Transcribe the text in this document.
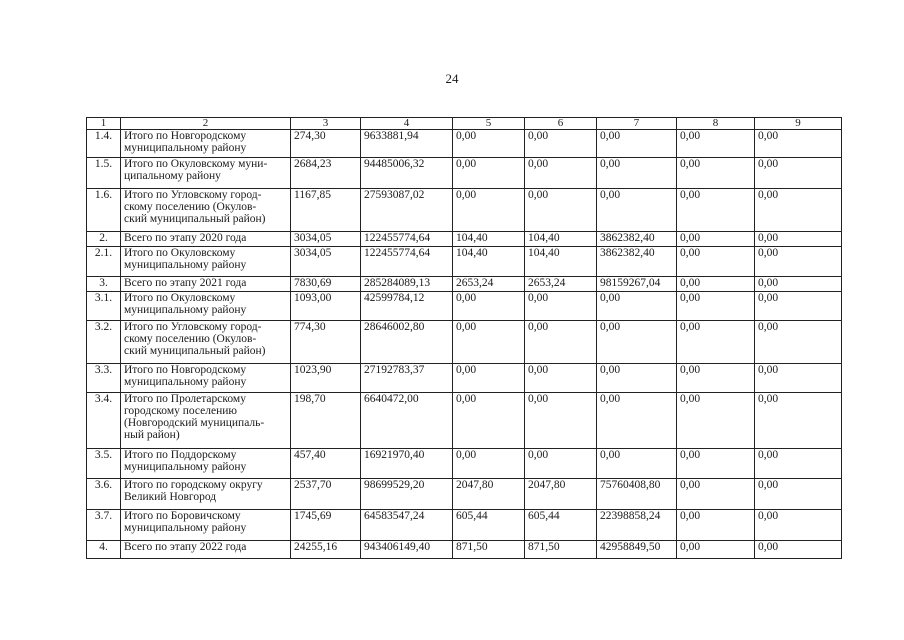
24
1	2	3	4	5	6	7	8	9
1.4.	Итого по Новгородскому
муниципальному району	274,30	9633881,94	0,00	0,00	0,00	0,00	0,00
1.5.	Итого по Окуловскому муни-
ципальному району	2684,23	94485006,32	0,00	0,00	0,00	0,00	0,00
1.6.	Итого по Угловскому город-
скому поселению (Окулов-
ский муниципальный район)	1167,85	27593087,02	0,00	0,00	0,00	0,00	0,00
2.	Всего по этапу 2020 года	3034,05	122455774,64	104,40	104,40	3862382,40	0,00	0,00
2.1.	Итого по Окуловскому
муниципальному району	3034,05	122455774,64	104,40	104,40	3862382,40	0,00	0,00
3.	Всего по этапу 2021 года	7830,69	285284089,13	2653,24	2653,24	98159267,04	0,00	0,00
3.1.	Итого по Окуловскому
муниципальному району	1093,00	42599784,12	0,00	0,00	0,00	0,00	0,00
3.2.	Итого по Угловскому город-
скому поселению (Окулов-
ский муниципальный район)	774,30	28646002,80	0,00	0,00	0,00	0,00	0,00
3.3.	Итого по Новгородскому
муниципальному району	1023,90	27192783,37	0,00	0,00	0,00	0,00	0,00
3.4.	Итого по Пролетарскому
городскому поселению
(Новгородский муниципаль-
ный район)	198,70	6640472,00	0,00	0,00	0,00	0,00	0,00
3.5.	Итого по Поддорскому
муниципальному району	457,40	16921970,40	0,00	0,00	0,00	0,00	0,00
3.6.	Итого по городскому округу
Великий Новгород	2537,70	98699529,20	2047,80	2047,80	75760408,80	0,00	0,00
3.7.	Итого по Боровичскому
муниципальному району	1745,69	64583547,24	605,44	605,44	22398858,24	0,00	0,00
4.	Всего по этапу 2022 года	24255,16	943406149,40	871,50	871,50	42958849,50	0,00	0,00
